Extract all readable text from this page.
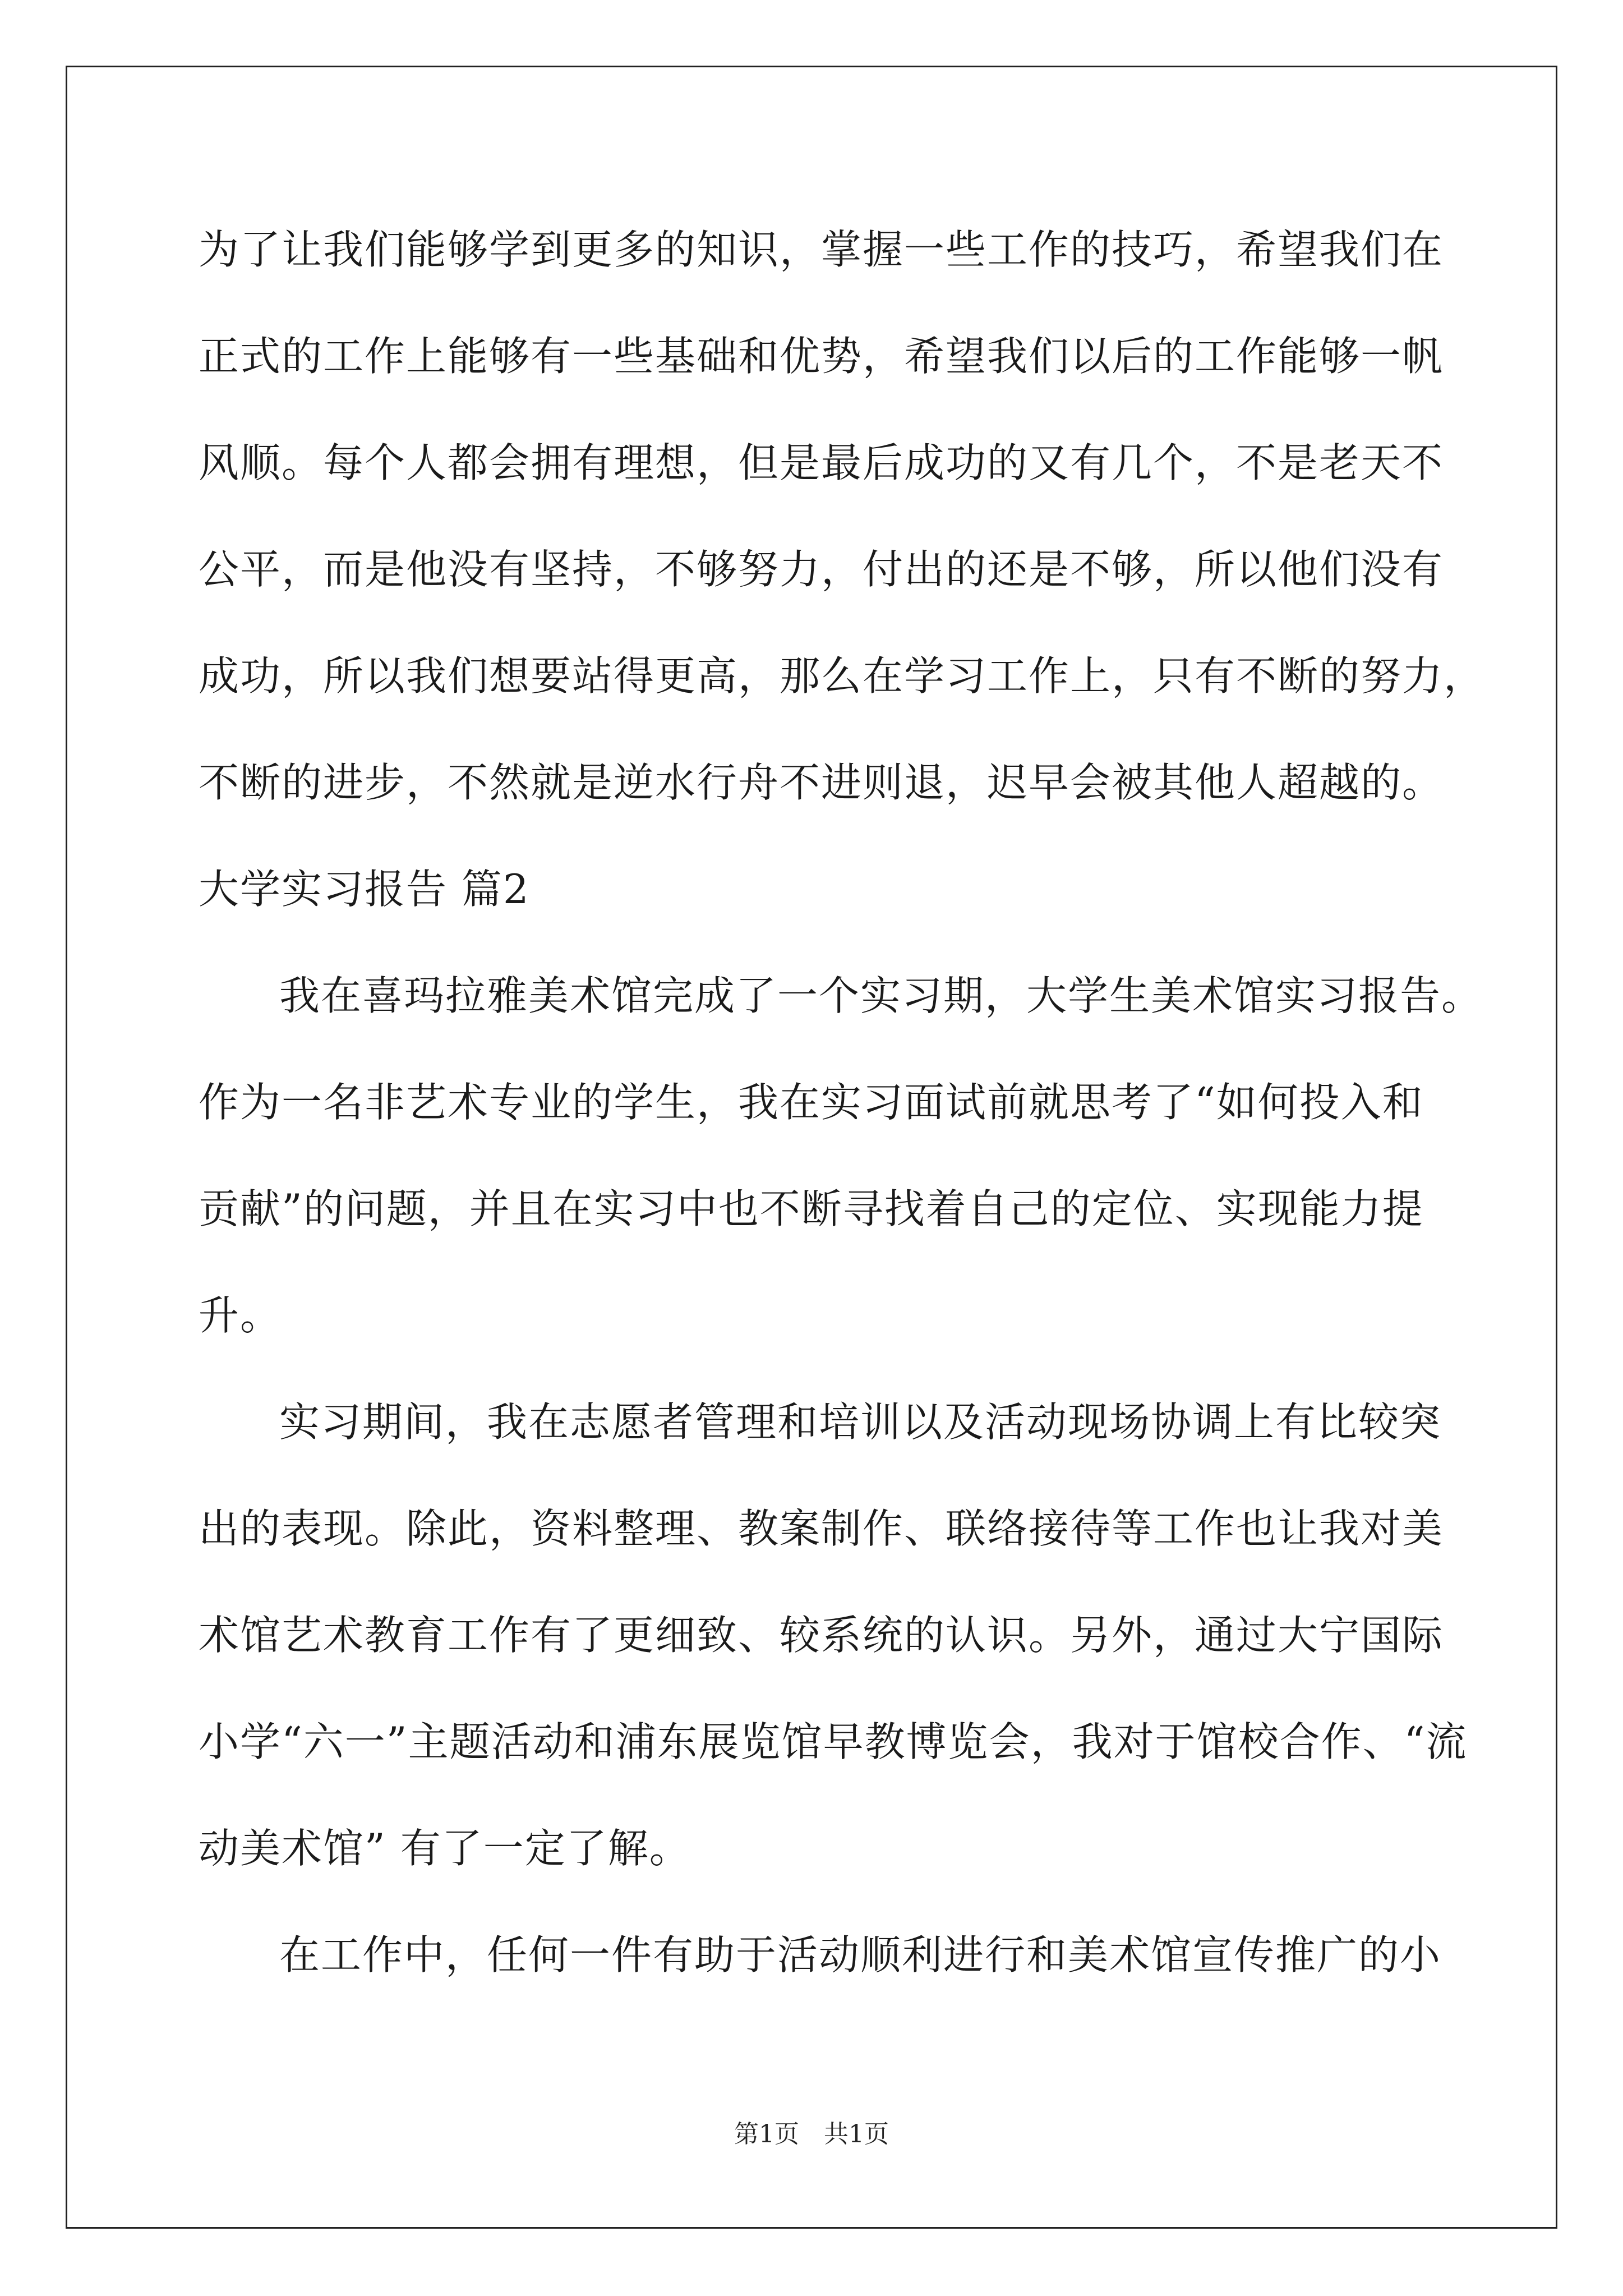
为了让我们能够学到更多的知识，掌握一些工作的技巧，希望我们在
正式的工作上能够有一些基础和优势，希望我们以后的工作能够一帆
风顺。每个人都会拥有理想，但是最后成功的又有几个，不是老天不
公平，而是他没有坚持，不够努力，付出的还是不够，所以他们没有
成功，所以我们想要站得更高，那么在学习工作上，只有不断的努力，
不断的进步，不然就是逆水行舟不进则退，迟早会被其他人超越的。
大学实习报告 篇2
我在喜玛拉雅美术馆完成了一个实习期，大学生美术馆实习报告。
作为一名非艺术专业的学生，我在实习面试前就思考了“如何投入和
贡献”的问题，并且在实习中也不断寻找着自己的定位、实现能力提
升。
实习期间，我在志愿者管理和培训以及活动现场协调上有比较突
出的表现。除此，资料整理、教案制作、联络接待等工作也让我对美
术馆艺术教育工作有了更细致、较系统的认识。另外，通过大宁国际
小学“六一”主题活动和浦东展览馆早教博览会，我对于馆校合作、“流
动美术馆” 有了一定了解。
在工作中，任何一件有助于活动顺利进行和美术馆宣传推广的小
第1页　共1页
